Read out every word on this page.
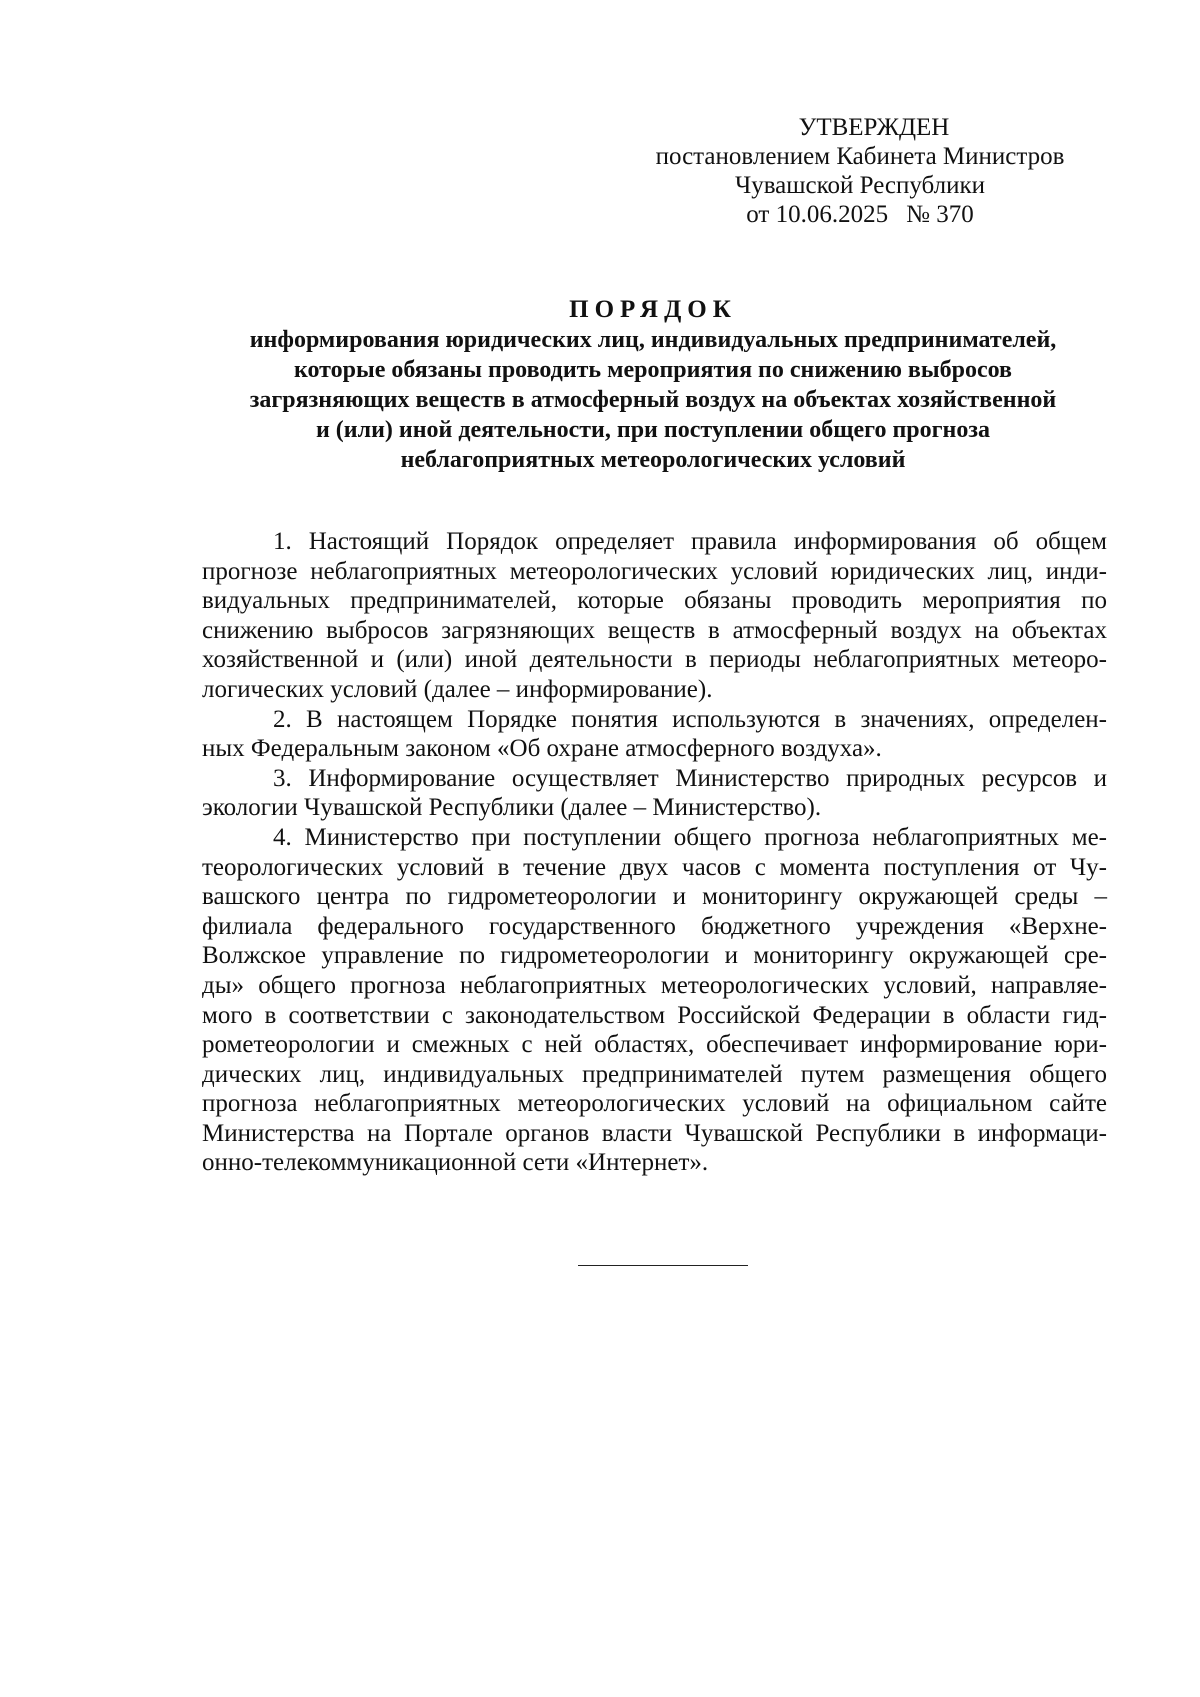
УТВЕРЖДЕН
постановлением Кабинета Министров
Чувашской Республики
от 10.06.2025 № 370
ПОРЯДОК
информирования юридических лиц, индивидуальных предпринимателей,
которые обязаны проводить мероприятия по снижению выбросов
загрязняющих веществ в атмосферный воздух на объектах хозяйственной
и (или) иной деятельности, при поступлении общего прогноза
неблагоприятных метеорологических условий
1. Настоящий Порядок определяет правила информирования об общем
прогнозе неблагоприятных метеорологических условий юридических лиц, инди-
видуальных предпринимателей, которые обязаны проводить мероприятия по
снижению выбросов загрязняющих веществ в атмосферный воздух на объектах
хозяйственной и (или) иной деятельности в периоды неблагоприятных метеоро-
логических условий (далее – информирование).
2. В настоящем Порядке понятия используются в значениях, определен-
ных Федеральным законом «Об охране атмосферного воздуха».
3. Информирование осуществляет Министерство природных ресурсов и
экологии Чувашской Республики (далее – Министерство).
4. Министерство при поступлении общего прогноза неблагоприятных ме-
теорологических условий в течение двух часов с момента поступления от Чу-
вашского центра по гидрометеорологии и мониторингу окружающей среды –
филиала федерального государственного бюджетного учреждения «Верхне-
Волжское управление по гидрометеорологии и мониторингу окружающей сре-
ды» общего прогноза неблагоприятных метеорологических условий, направляе-
мого в соответствии с законодательством Российской Федерации в области гид-
рометеорологии и смежных с ней областях, обеспечивает информирование юри-
дических лиц, индивидуальных предпринимателей путем размещения общего
прогноза неблагоприятных метеорологических условий на официальном сайте
Министерства на Портале органов власти Чувашской Республики в информаци-
онно-телекоммуникационной сети «Интернет».
